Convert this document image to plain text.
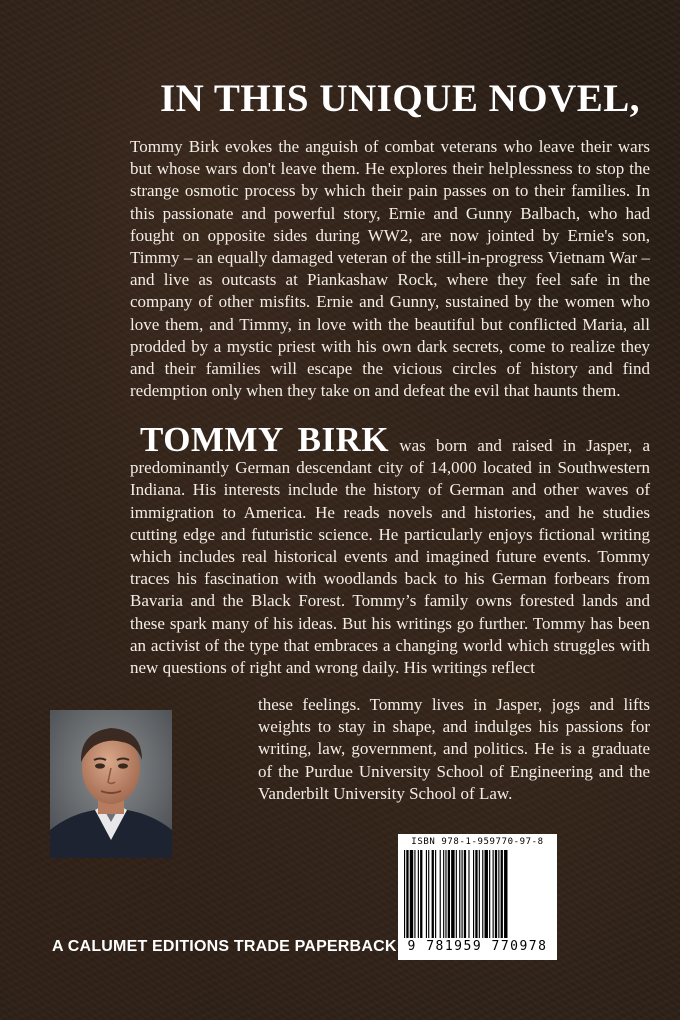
IN THIS UNIQUE NOVEL,

Tommy Birk evokes the anguish of combat veterans who leave their wars but whose wars don't leave them. He explores their helplessness to stop the strange osmotic process by which their pain passes on to their families. In this passionate and powerful story, Ernie and Gunny Balbach, who had fought on opposite sides during WW2, are now jointed by Ernie's son, Timmy – an equally damaged veteran of the still-in-progress Vietnam War – and live as outcasts at Piankashaw Rock, where they feel safe in the company of other misfits. Ernie and Gunny, sustained by the women who love them, and Timmy, in love with the beautiful but conflicted Maria, all prodded by a mystic priest with his own dark secrets, come to realize they and their families will escape the vicious circles of history and find redemption only when they take on and defeat the evil that haunts them.

TOMMY BIRK was born and raised in Jasper, a predominantly German descendant city of 14,000 located in Southwestern Indiana. His interests include the history of German and other waves of immigration to America. He reads novels and histories, and he studies cutting edge and futuristic science. He particularly enjoys fictional writing which includes real historical events and imagined future events. Tommy traces his fascination with woodlands back to his German forbears from Bavaria and the Black Forest. Tommy’s family owns forested lands and these spark many of his ideas. But his writings go further. Tommy has been an activist of the type that embraces a changing world which struggles with new questions of right and wrong daily. His writings reflect

these feelings. Tommy lives in Jasper, jogs and lifts weights to stay in shape, and indulges his passions for writing, law, government, and politics. He is a graduate of the Purdue University School of Engineering and the Vanderbilt University School of Law.

ISBN 978-1-959770-97-8
9 781959 770978
A CALUMET EDITIONS TRADE PAPERBACK
